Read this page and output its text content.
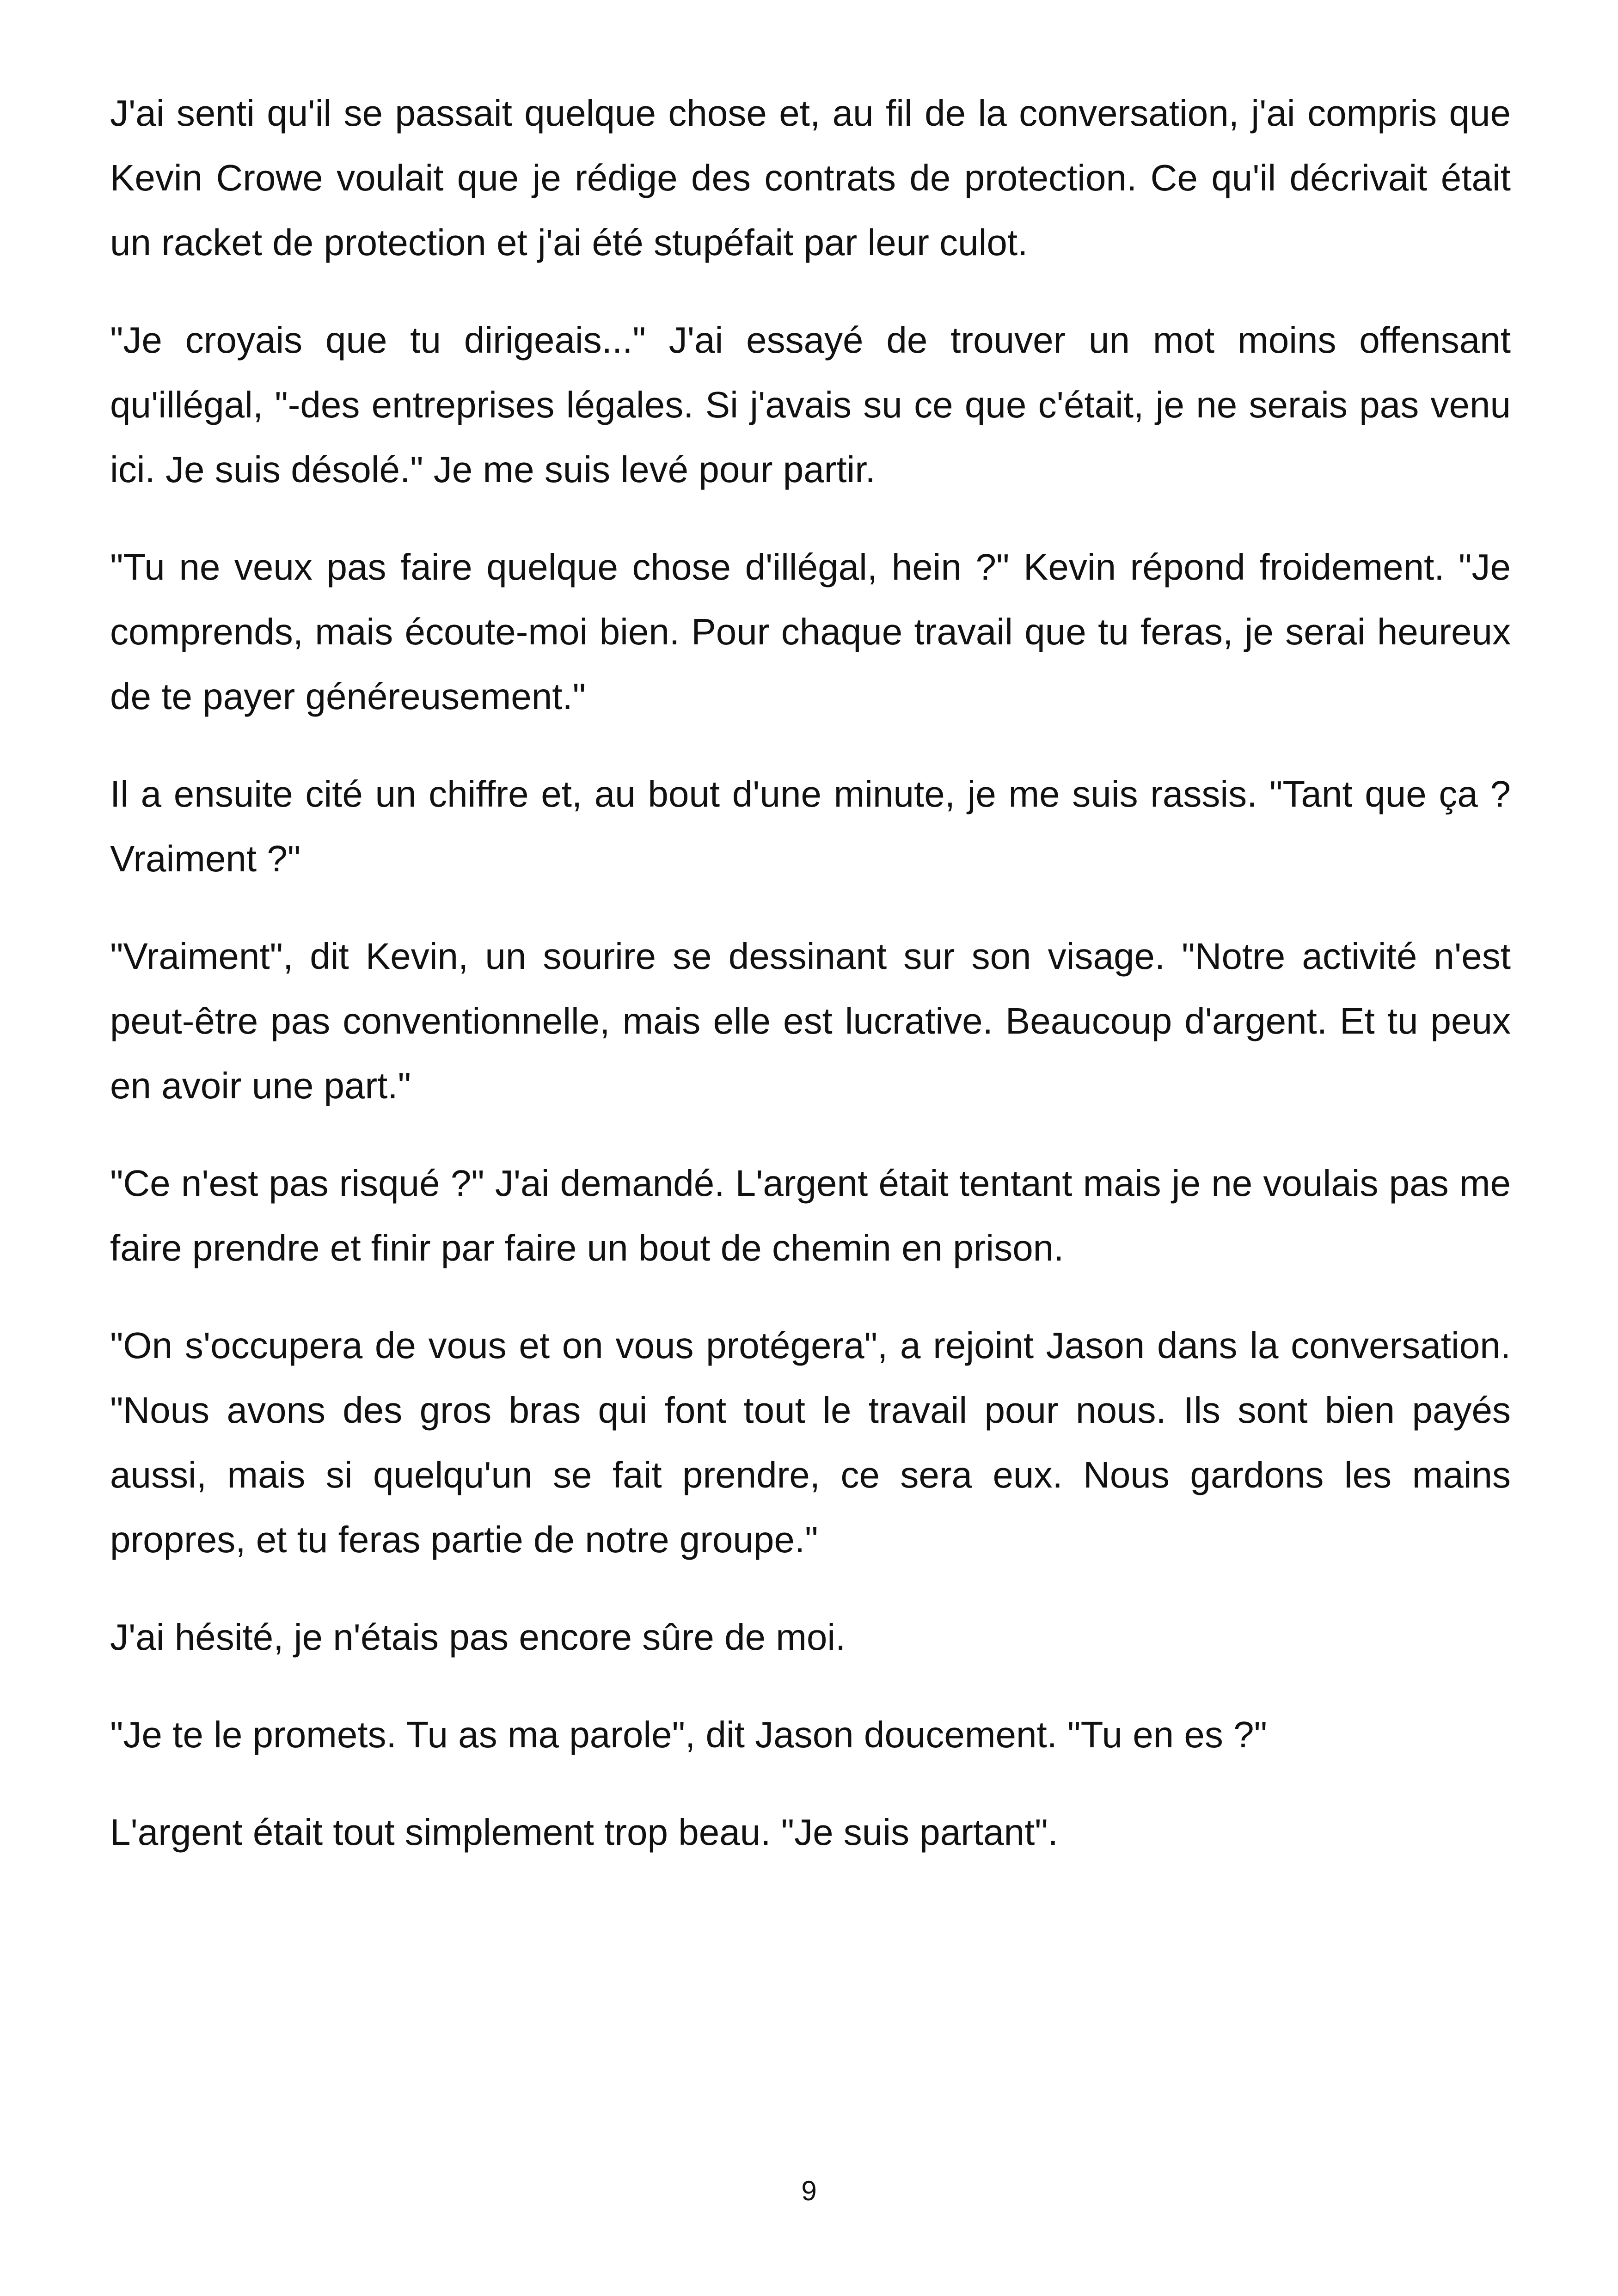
J'ai senti qu'il se passait quelque chose et, au fil de la conversation, j'ai compris que Kevin Crowe voulait que je rédige des contrats de protection. Ce qu'il décrivait était un racket de protection et j'ai été stupéfait par leur culot.

"Je croyais que tu dirigeais..." J'ai essayé de trouver un mot moins offensant qu'illégal, "-des entreprises légales. Si j'avais su ce que c'était, je ne serais pas venu ici. Je suis désolé." Je me suis levé pour partir.

"Tu ne veux pas faire quelque chose d'illégal, hein ?" Kevin répond froidement. "Je comprends, mais écoute-moi bien. Pour chaque travail que tu feras, je serai heureux de te payer généreusement."

Il a ensuite cité un chiffre et, au bout d'une minute, je me suis rassis. "Tant que ça ? Vraiment ?"

"Vraiment", dit Kevin, un sourire se dessinant sur son visage. "Notre activité n'est peut-être pas conventionnelle, mais elle est lucrative. Beaucoup d'argent. Et tu peux en avoir une part."

"Ce n'est pas risqué ?" J'ai demandé. L'argent était tentant mais je ne voulais pas me faire prendre et finir par faire un bout de chemin en prison.

"On s'occupera de vous et on vous protégera", a rejoint Jason dans la conversation. "Nous avons des gros bras qui font tout le travail pour nous. Ils sont bien payés aussi, mais si quelqu'un se fait prendre, ce sera eux. Nous gardons les mains propres, et tu feras partie de notre groupe."

J'ai hésité, je n'étais pas encore sûre de moi.

"Je te le promets. Tu as ma parole", dit Jason doucement. "Tu en es ?"

L'argent était tout simplement trop beau. "Je suis partant".

9
